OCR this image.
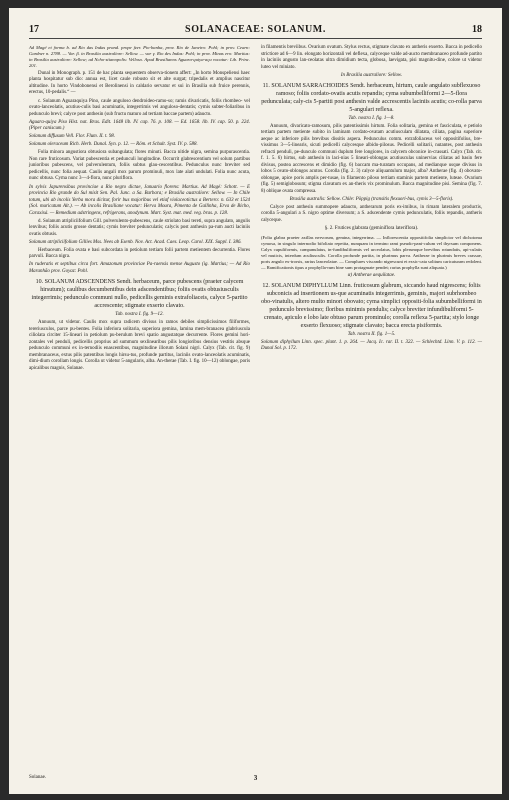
17	SOLANACEAE: SOLANUM.	18

Ad Magé et forma b. ad Rio das Indas prand. prope fzer. Pio-banha, prov. Rio de Janeiro: Pohl; in prov. Cearn: Gardner n. 2788. — Var. β. in Brasilia australiore: Sellow. — var γ. Rio des Indas: Pohl; in prov. Minas ero: Martius: in Brasilia australiore: Sellow; ad Ncho-stianopolis: Velloso. Apud Brasilianos Aguara-quiya-açu vocatur: Lib. Princ. 201.

Dunal in Monograph. p. 151 de hac planta sequentem observa-tionem affert: „In horto Monspeliensi haec planta hospitatur sub dio: annua est, licet caule robusto sit et alte surgat; tripedalis et amplius nascitur altitudine. In horto Vindobonensi et Berolinensi in caldario servatur et sui in Brasilia sub fruice perennis, erectus, 10-pedalis.“ —

c. Solanum Aguaraquiya Pino, caule angulosο dendroideo-ramo-so; ramis divaricatis, foliis rhombeo- vel ovato-lanceolatis, acutius-culis basi acuminatis, integerrimis vel anguloso-dentatis; cymis subter-foliaribus in pedunculo brevi; calyce post anthesin (sub fructu maturo ad tertiam baccae partem) adaucto.

Aguara-quiya Piso Hist. nat. Bras. Edit. 1648 lib. IV. cap. 76. p. 108. — Ed. 1658. lib. IV. cap. 50. p. 224. (Piper caniscum.)

Solanum diffusum Vell. Flor. Flum. II. t. 98.

Solanum oleraceum Rich. Herb. Dunal. Syn. p. 12. — Röm. et Schult. Syst. IV. p. 588.

Folia minora angustiora obtusiora subangulata; flores minuti. Bacca nitide nigra, semina purpurascentia. Non rare fruticosum. Variat pubescentia et pedunculi longitudine. Occurrit glabrescentium vel solum partibus junioribus pubescens, vel pulverulentum, foliis subtus glau-cescentibus. Pedunculus nunc breviter sed pedicellis, nunc folia aequat. Caulis angali mox parum prominuli, mox late alati undulati. Folia nunc acuta, nunc obtusa. Cyma nunc 3—4-flora, nunc pluriflora.

In sylvis Japurensibus provinciae a Rio negro dictae, Januario florens: Martius. Ad Magé: Schott. — E provincia Rio grande do Sul misit Sen. Pal. Junc. a Sa. Barbara; e Brasilia australiore: Sellow. — In Chile totum, ubi ab incolis Yerba mora dicitur, forir bus majoribus vel etiaf violaceotictus a Bertero: n. 633 et 1524 (Sol. muricatum Alt.). — Ab incolis Brasiliane vocatur: Herva Moura, Pimenta de Gallinha, Erva de Bicho, Caraxixá. — Remedium adstringens, refrigerans, anodynum. Mart. Syst. mat. med. veg. bras. p. 128.

d. Solanum atripliciifolium Gill. pulverulento-pubescens, caule striolato basi tereti, supra angulato, angulis lenvibus; foliis acutis grosse dentatis; cymis breviter pedunculatis; calycis post anthesin pa-rum aucti laciniis ovatis obtusis.

Solanum atripliciifolium Gillies Mss. Nees ab Esenb. Nov. Act. Acad. Caes. Leop. Carol. XIX. Suppl. I. 386.

Herbaceum. Folia ovata e basi subcordata in petiolum tertiam folii partem metientem decurrentia. Flores parvuli. Bacca nigra.

In ruderatis et septibus circa fort. Amazonum provinciae Pa-raensis mense Augusto (ig. Martius; — Ad Rio Maranhão prov. Goyaz: Pohl.

10. SOLANUM ADSCENDENS Sendt. herbaceum, parce pubescens (praeter calycem hirsutum); caulibus decumbentibus dein adscendentibus; foliis ovatis obtusiusculis integerrimis; pedunculo communi nullo, pedicellis geminis extrafoliaceis, calyce 5-partito accrescente; stigmate exserto clavato.

Tab. nostra I. fig. 9—12.

Annuum, ut videtur. Caulis mox supra radicem divisus in ramos debiles simplicissimos filiformes, tereriusculos, parce pu-bentes. Folia inferiora solitaria, superiora gemina, lamina mem-branacea glabriuscula ciliolata circiter 15-lineari in petiolum pu-berulum brevi spatio angustatque decurrente. Flores gemini hori-zontales vel penduli, pedicellis proprius ad summum sexlinearibus pilis longioribus densius vestitis absque pedunculo communi ex in-ternodiis enascentibus, magnitudine illorum Solani nigri. Calyx (Tab. cit. fig. 9) membranaceus, extus pilis patentibus longis hirsu-tus, profunde partitus, laciniis ovato-lanceolatis acuminatis, dimi-dium corollam longis. Corolla ut videtur 5-angularis, alba. An-therae (Tab. I. fig. 10—12) oblongae, poris apicalibus magnis, Solanae.

in filamentis breviibus. Ovarium ovatum. Stylus rectus, stigmate clavato ex antheris exserto. Bacca in pedicello strictiore ad 6—9 lin. elongato horizontali vel deflexa, calyceque valde ad-aucto membranaceo profunde partito in laciniis angusto lan-ceolatas ultra dimidium tecta, globosa, laevigata, pisi magnitu-dine, colore ut videtur luteo vel miniato.

In Brasilia australiore: Sellow.

11. SOLANUM SARRACHOIDES Sendt. herbaceum, hirtum, caule angulato subflexuoso ramoso; foliis cordato-ovatis acutis repandis; cyma subumbelliformi 2—5-flora pedunculata; caly-cis 5-partiti post anthesin valde accrescentis laciniis acutis; co-rolla parva 5-angulari reflexa.

Tab. nostra I. fig. 1—8.

Annuum, divaricato-ramosum, pilis patentissimis hirtum. Folia solitaria, gemina et fasciculata, e petiolo tertiam partem metiente subito in laminam cordato-ovatam acutiusculam dilatata, ciliata, pagina superiore aeque ac inferiore pilis brevibus dissitis aspera. Pedunculus comm. extrafoliaceus vel oppositifolius, bre-vissimus 3—5-linearis, sicuti pedicelli calycesque albido-pilosus. Pedicelli solitarii, nutantes, post anthesin refracti penduli, pe-dunculo communi duplum fere longiores, in calycem obconice in-crassati. Calyx (Tab. cit. f. 1. 5. 6) hirtus, sub anthesin in laci-nias 5 lineari-oblongas acutiusculas uninervias ciliatas ad basin fere divisus, postea accrescens et dimidio (fig. 6) baccam ma-turatam occupans, ad medianque usque divisus in lobos 5 ovato-oblongos acutos. Corolla (fig. 2. 3) calyce aliquantulum major, alba? Antherae (fig. 4) obovato-oblongae, apice poris amplis per-tusae, in filamento piloso tertiam staminis partem metiente, luteae. Ovarium (fig. 5) semiglobosum; stigma clavatum ex an-theris vix prominulum. Bacca magnitudine pisi. Semina (fig. 7. 8) oblique ovata compressa.

Brasilia australis: Sellow. Chile: Pöppig (transitis flexuori-bus, cymis 3—5-floris).

Calyce post anthesin summopere adaucto, antherarum poris ex-imibus, in rimam lateralem productis, corolla 5-angulari a S. nigro optime diversum; a S. adscendente cymis pedunculatis, foliis repandis, antheris calyceque.

§. 2. Frutices glabrata (geminiflora lateriflora).

(Folia glabra praeter axillas nervorum, gemina, integerrima. — Inflorescentia oppositifolia simplicior vel dichotoma cymosa, in singulo internodio bifoliato repetita, nunquam in termino rami pseudo-pani-culum vel thyrsum componens. Calyx cupuliformis, campanulatus, in-fundibuliformis vel urceolatus, lobis plerumque brevibus rotundatis, api-culatis vel muticis, interdum aculiusculis. Corolla profunde partita, in plurimus parva. Antherae in plurimis breves crassae, poris angulo ex-trorsis, rarius lanceolatae. — Complures viscando nigrescunt et exsic-cata solitum caricaturam redolent. — Ramificationis tipus a prophylla-rum bine sum protagmate pendet; rarius prophylla sunt aliquata.)

α) Antherae aequilatae.

12. SOLANUM DIPHYLLUM Linn. fruticosum glabrum, siccando haud nigrescens; foliis subconicis ad insertionem us-que acuminatis integerrimis, geminis, majori subrhombeo obo-vinatulis, altero multo minori obovato; cyma simplici oppositi-folia subumbelliformi in pedunculo brevissimo; floribus minimis pendulis; calyce breviter infundibuliformi 5-crenato, apiculo e lobo late obtuso parum prominulo; corolla reflexa 5-partita; stylo longe exserto flexuoso; stigmate clavato; bacca erecta pisiformis.

Tab. nostra II. fig. 1—5.

Solanum diphyllum Linn. spec. plant. 1. p. 264. — Jacq. Ic. rar. II. t. 322. — Schlechtd. Linn. V. p. 112. — Dunal Sol. p. 172.

Solanae.	3
